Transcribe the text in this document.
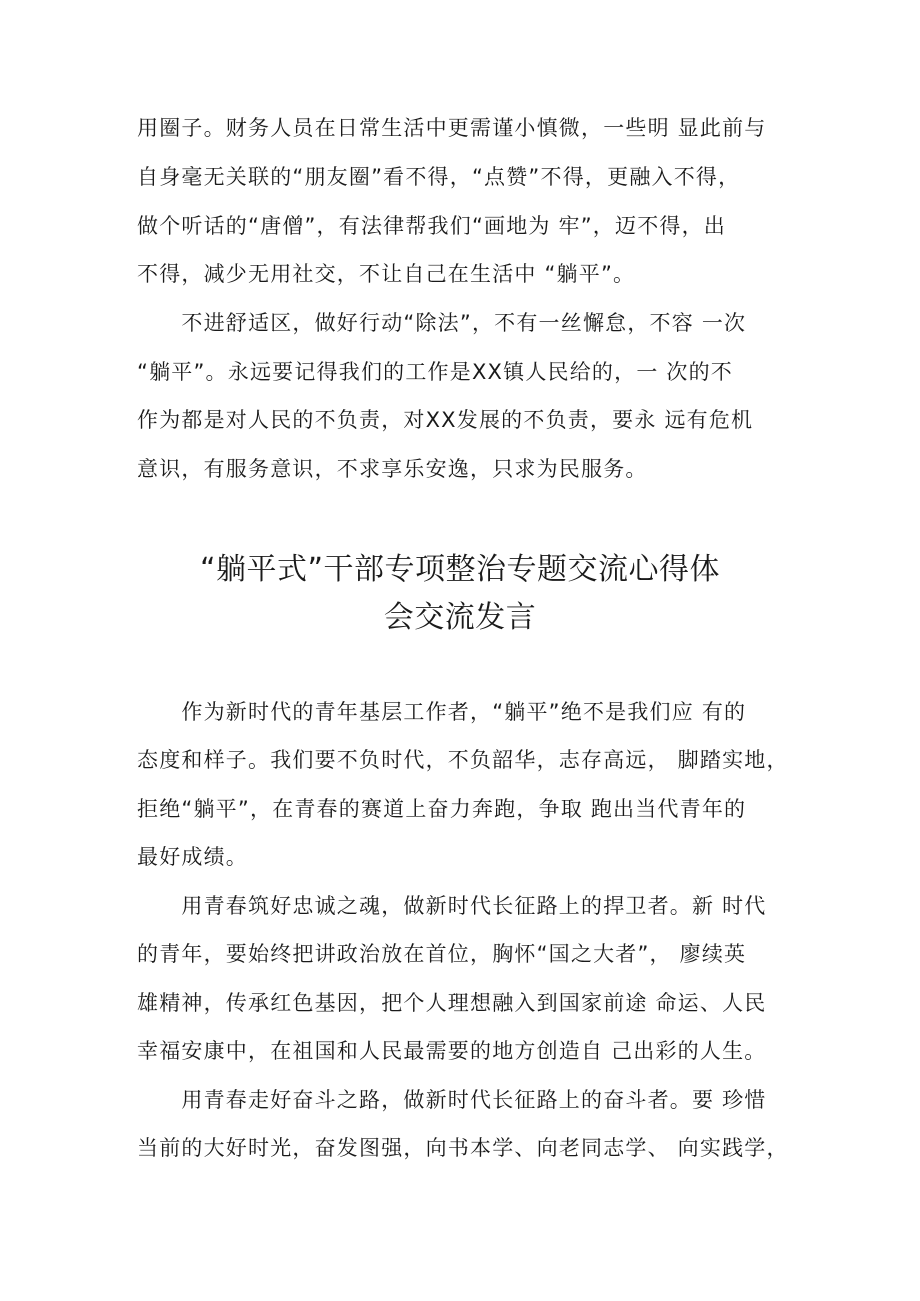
用圈子。财务人员在日常生活中更需谨小慎微，一些明 显此前与
自身毫无关联的“朋友圈”看不得，“点赞”不得，更融入不得，
做个听话的“唐僧”，有法律帮我们“画地为 牢”，迈不得，出
不得，减少无用社交，不让自己在生活中 “躺平”。
　　不进舒适区，做好行动“除法”，不有一丝懈怠，不容 一次
“躺平”。永远要记得我们的工作是XX镇人民给的，一 次的不
作为都是对人民的不负责，对XX发展的不负责，要永 远有危机
意识，有服务意识，不求享乐安逸，只求为民服务。
“躺平式”干部专项整治专题交流心得体
会交流发言
　　作为新时代的青年基层工作者，“躺平”绝不是我们应 有的
态度和样子。我们要不负时代，不负韶华，志存高远， 脚踏实地，
拒绝“躺平”，在青春的赛道上奋力奔跑，争取 跑出当代青年的
最好成绩。
　　用青春筑好忠诚之魂，做新时代长征路上的捍卫者。新 时代
的青年，要始终把讲政治放在首位，胸怀“国之大者”， 廖续英
雄精神，传承红色基因，把个人理想融入到国家前途 命运、人民
幸福安康中，在祖国和人民最需要的地方创造自 己出彩的人生。
　　用青春走好奋斗之路，做新时代长征路上的奋斗者。要 珍惜
当前的大好时光，奋发图强，向书本学、向老同志学、 向实践学，
